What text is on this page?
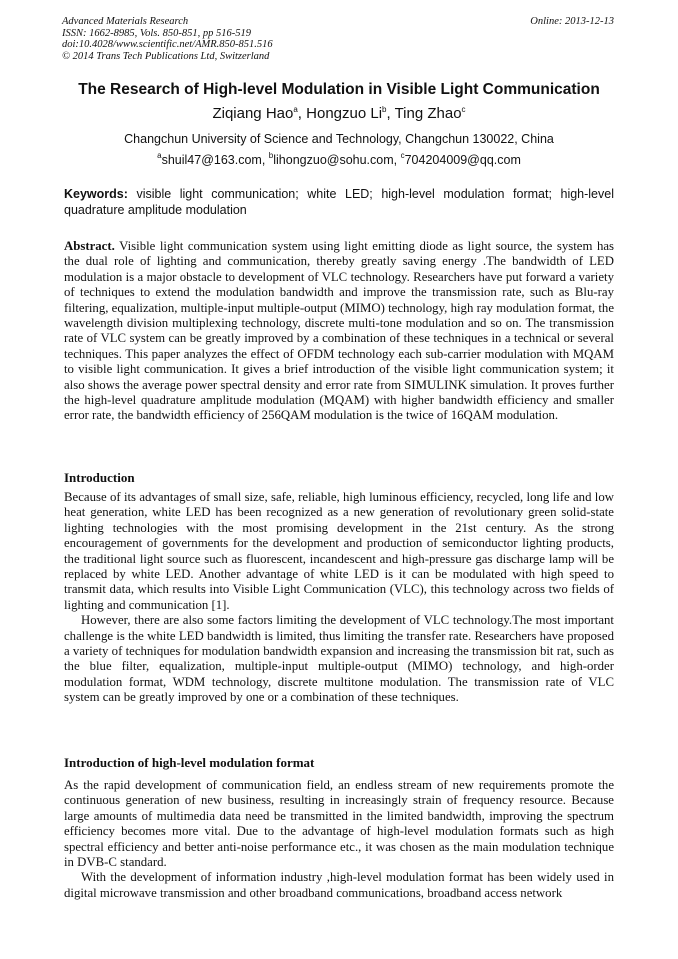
Advanced Materials Research
ISSN: 1662-8985, Vols. 850-851, pp 516-519
doi:10.4028/www.scientific.net/AMR.850-851.516
© 2014 Trans Tech Publications Ltd, Switzerland
Online: 2013-12-13
The Research of High-level Modulation in Visible Light Communication
Ziqiang Hao$^a$, Hongzuo Li$^b$, Ting Zhao$^c$
Changchun University of Science and Technology, Changchun 130022, China
$^a$shuil47@163.com, $^b$lihongzuo@sohu.com, $^c$704204009@qq.com
Keywords: visible light communication; white LED; high-level modulation format; high-level quadrature amplitude modulation

Abstract. Visible light communication system using light emitting diode as light source, the system has the dual role of lighting and communication, thereby greatly saving energy .The bandwidth of LED modulation is a major obstacle to development of VLC technology. Researchers have put forward a variety of techniques to extend the modulation bandwidth and improve the transmission rate, such as Blu-ray filtering, equalization, multiple-input multiple-output (MIMO) technology, high ray modulation format, the wavelength division multiplexing technology, discrete multi-tone modulation and so on. The transmission rate of VLC system can be greatly improved by a combination of these techniques in a technical or several techniques. This paper analyzes the effect of OFDM technology each sub-carrier modulation with MQAM to visible light communication. It gives a brief introduction of the visible light communication system; it also shows the average power spectral density and error rate from SIMULINK simulation. It proves further the high-level quadrature amplitude modulation (MQAM) with higher bandwidth efficiency and smaller error rate, the bandwidth efficiency of 256QAM modulation is the twice of 16QAM modulation.

Introduction

Because of its advantages of small size, safe, reliable, high luminous efficiency, recycled, long life and low heat generation, white LED has been recognized as a new generation of revolutionary green solid-state lighting technologies with the most promising development in the 21st century. As the strong encouragement of governments for the development and production of semiconductor lighting products, the traditional light source such as fluorescent, incandescent and high-pressure gas discharge lamp will be replaced by white LED. Another advantage of white LED is it can be modulated with high speed to transmit data, which results into Visible Light Communication (VLC), this technology across two fields of lighting and communication [1].

However, there are also some factors limiting the development of VLC technology.The most important challenge is the white LED bandwidth is limited, thus limiting the transfer rate. Researchers have proposed a variety of techniques for modulation bandwidth expansion and increasing the transmission bit rat, such as the blue filter, equalization, multiple-input multiple-output (MIMO) technology, and high-order modulation format, WDM technology, discrete multitone modulation. The transmission rate of VLC system can be greatly improved by one or a combination of these techniques.

Introduction of high-level modulation format

As the rapid development of communication field, an endless stream of new requirements promote the continuous generation of new business, resulting in increasingly strain of frequency resource. Because large amounts of multimedia data need be transmitted in the limited bandwidth, improving the spectrum efficiency becomes more vital. Due to the advantage of high-level modulation formats such as high spectral efficiency and better anti-noise performance etc., it was chosen as the main modulation technique in DVB-C standard.

With the development of information industry ,high-level modulation format has been widely used in digital microwave transmission and other broadband communications, broadband access network
